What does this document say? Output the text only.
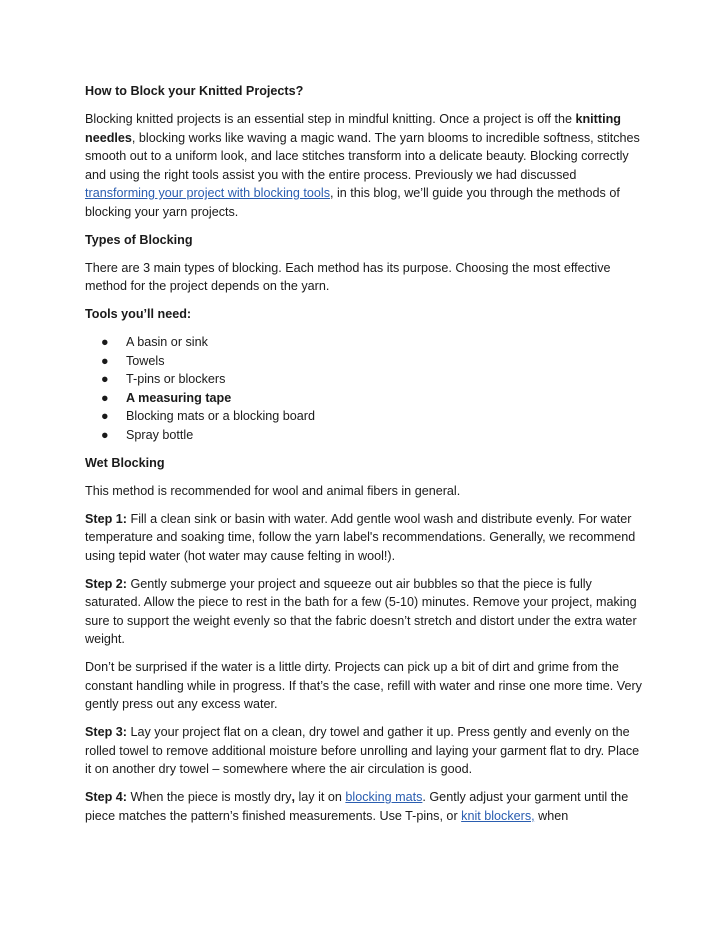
How to Block your Knitted Projects?

Blocking knitted projects is an essential step in mindful knitting. Once a project is off the knitting needles, blocking works like waving a magic wand. The yarn blooms to incredible softness, stitches smooth out to a uniform look, and lace stitches transform into a delicate beauty. Blocking correctly and using the right tools assist you with the entire process. Previously we had discussed transforming your project with blocking tools, in this blog, we’ll guide you through the methods of blocking your yarn projects.

Types of Blocking

There are 3 main types of blocking. Each method has its purpose. Choosing the most effective method for the project depends on the yarn.

Tools you’ll need:

● A basin or sink
● Towels
● T-pins or blockers
● A measuring tape
● Blocking mats or a blocking board
● Spray bottle

Wet Blocking

This method is recommended for wool and animal fibers in general.

Step 1: Fill a clean sink or basin with water. Add gentle wool wash and distribute evenly. For water temperature and soaking time, follow the yarn label's recommendations. Generally, we recommend using tepid water (hot water may cause felting in wool!).

Step 2: Gently submerge your project and squeeze out air bubbles so that the piece is fully saturated. Allow the piece to rest in the bath for a few (5-10) minutes. Remove your project, making sure to support the weight evenly so that the fabric doesn’t stretch and distort under the extra water weight.

Don’t be surprised if the water is a little dirty. Projects can pick up a bit of dirt and grime from the constant handling while in progress. If that’s the case, refill with water and rinse one more time. Very gently press out any excess water.

Step 3: Lay your project flat on a clean, dry towel and gather it up. Press gently and evenly on the rolled towel to remove additional moisture before unrolling and laying your garment flat to dry. Place it on another dry towel – somewhere where the air circulation is good.

Step 4: When the piece is mostly dry, lay it on blocking mats. Gently adjust your garment until the piece matches the pattern’s finished measurements. Use T-pins, or knit blockers, when
